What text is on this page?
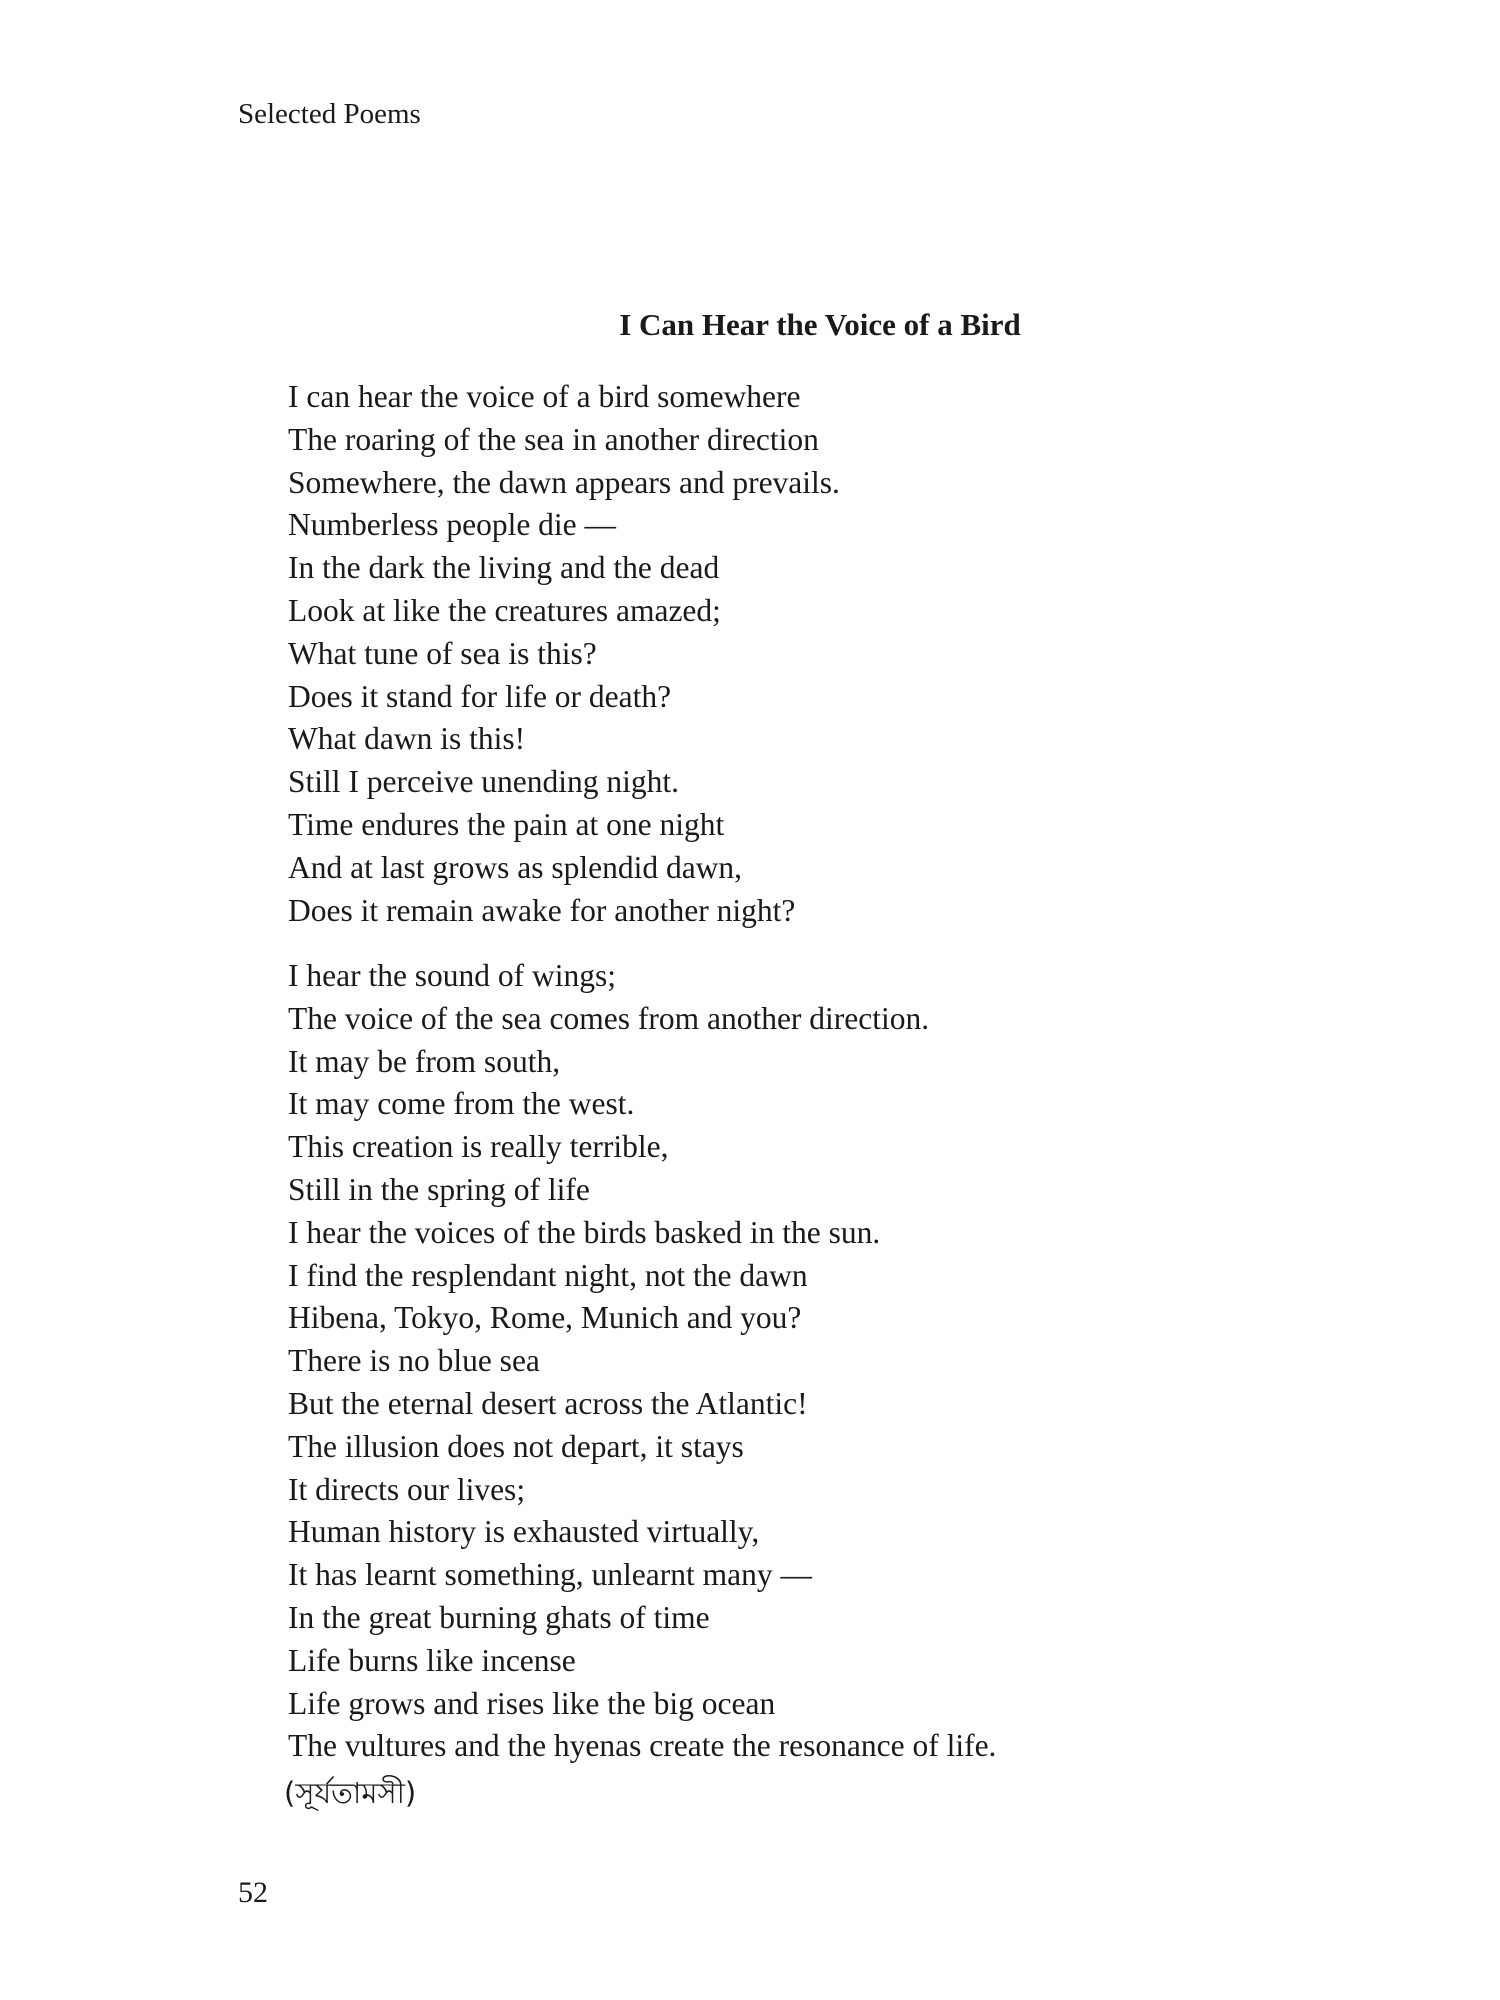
Selected Poems
I Can Hear the Voice of a Bird
I can hear the voice of a bird somewhere
The roaring of the sea in another direction
Somewhere, the dawn appears and prevails.
Numberless people die —
In the dark the living and the dead
Look at like the creatures amazed;
What tune of sea is this?
Does it stand for life or death?
What dawn is this!
Still I perceive unending night.
Time endures the pain at one night
And at last grows as splendid dawn,
Does it remain awake for another night?
I hear the sound of wings;
The voice of the sea comes from another direction.
It may be from south,
It may come from the west.
This creation is really terrible,
Still in the spring of life
I hear the voices of the birds basked in the sun.
I find the resplendant night, not the dawn
Hibena, Tokyo, Rome, Munich and you?
There is no blue sea
But the eternal desert across the Atlantic!
The illusion does not depart, it stays
It directs our lives;
Human history is exhausted virtually,
It has learnt something, unlearnt many —
In the great burning ghats of time
Life burns like incense
Life grows and rises like the big ocean
The vultures and the hyenas create the resonance of life.
(সূর্যতামসী)
52
